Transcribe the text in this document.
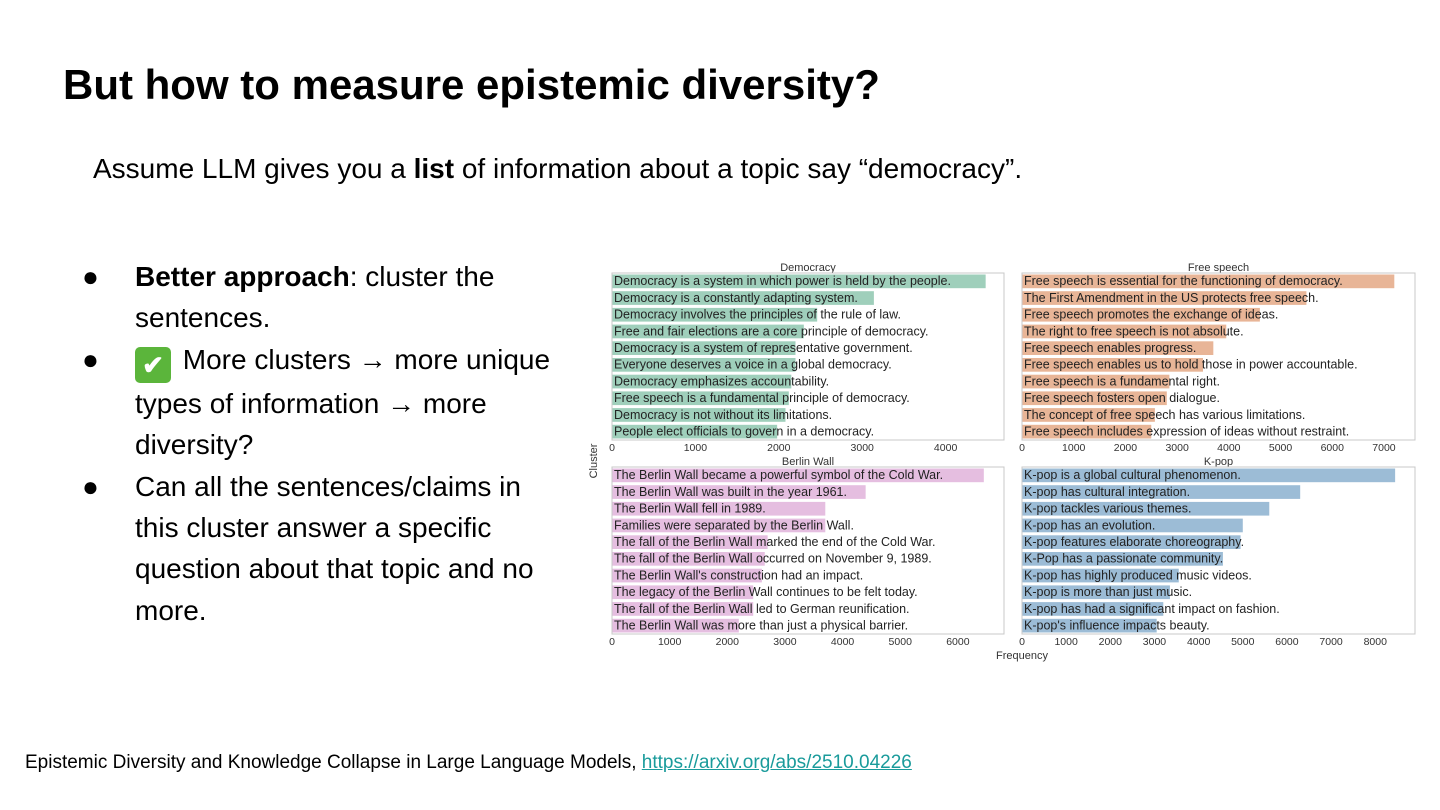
But how to measure epistemic diversity?
Assume LLM gives you a list of information about a topic say “democracy”.
● Better approach: cluster the sentences.
● ✔ More clusters → more unique types of information → more diversity?
● Can all the sentences/claims in this cluster answer a specific question about that topic and no more.
Democracy
Democracy is a system in which power is held by the people.
Democracy is a constantly adapting system.
Democracy involves the principles of the rule of law.
Free and fair elections are a core principle of democracy.
Democracy is a system of representative government.
Everyone deserves a voice in a global democracy.
Democracy emphasizes accountability.
Free speech is a fundamental principle of democracy.
Democracy is not without its limitations.
People elect officials to govern in a democracy.
0	1000	2000	3000	4000
Free speech
Free speech is essential for the functioning of democracy.
The First Amendment in the US protects free speech.
Free speech promotes the exchange of ideas.
The right to free speech is not absolute.
Free speech enables progress.
Free speech enables us to hold those in power accountable.
Free speech is a fundamental right.
Free speech fosters open dialogue.
The concept of free speech has various limitations.
Free speech includes expression of ideas without restraint.
0	1000	2000	3000	4000	5000	6000	7000
Berlin Wall
The Berlin Wall became a powerful symbol of the Cold War.
The Berlin Wall was built in the year 1961.
The Berlin Wall fell in 1989.
Families were separated by the Berlin Wall.
The fall of the Berlin Wall marked the end of the Cold War.
The fall of the Berlin Wall occurred on November 9, 1989.
The Berlin Wall's construction had an impact.
The legacy of the Berlin Wall continues to be felt today.
The fall of the Berlin Wall led to German reunification.
The Berlin Wall was more than just a physical barrier.
0	1000	2000	3000	4000	5000	6000
K-pop
K-pop is a global cultural phenomenon.
K-pop has cultural integration.
K-pop tackles various themes.
K-pop has an evolution.
K-pop features elaborate choreography.
K-Pop has a passionate community.
K-pop has highly produced music videos.
K-pop is more than just music.
K-pop has had a significant impact on fashion.
K-pop's influence impacts beauty.
0	1000 2000 3000 4000 5000 6000 7000 8000
Frequency
Cluster
Epistemic Diversity and Knowledge Collapse in Large Language Models, https://arxiv.org/abs/2510.04226
